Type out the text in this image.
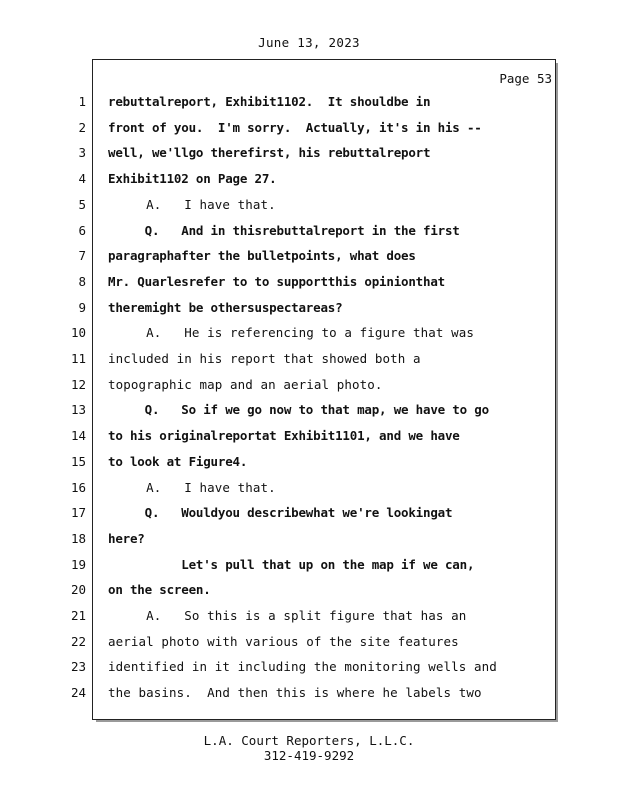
June 13, 2023
Page 53
1 rebuttalreport, Exhibit1102.  It shouldbe in
2 front of you.  I'm sorry.  Actually, it's in his --
3 well, we'llgo therefirst, his rebuttalreport
4 Exhibit1102 on Page 27.
5 A.   I have that.
6 Q.   And in thisrebuttalreport in the first
7 paragraphafter the bulletpoints, what does
8 Mr. Quarlesrefer to to supportthis opinionthat
9 theremight be othersuspectareas?
10 A.   He is referencing to a figure that was
11 included in his report that showed both a
12 topographic map and an aerial photo.
13 Q.   So if we go now to that map, we have to go
14 to his originalreportat Exhibit1101, and we have
15 to look at Figure4.
16 A.   I have that.
17 Q.   Wouldyou describewhat we're lookingat
18 here?
19 Let's pull that up on the map if we can,
20 on the screen.
21 A.   So this is a split figure that has an
22 aerial photo with various of the site features
23 identified in it including the monitoring wells and
24 the basins.  And then this is where he labels two
L.A. Court Reporters, L.L.C.
312-419-9292
